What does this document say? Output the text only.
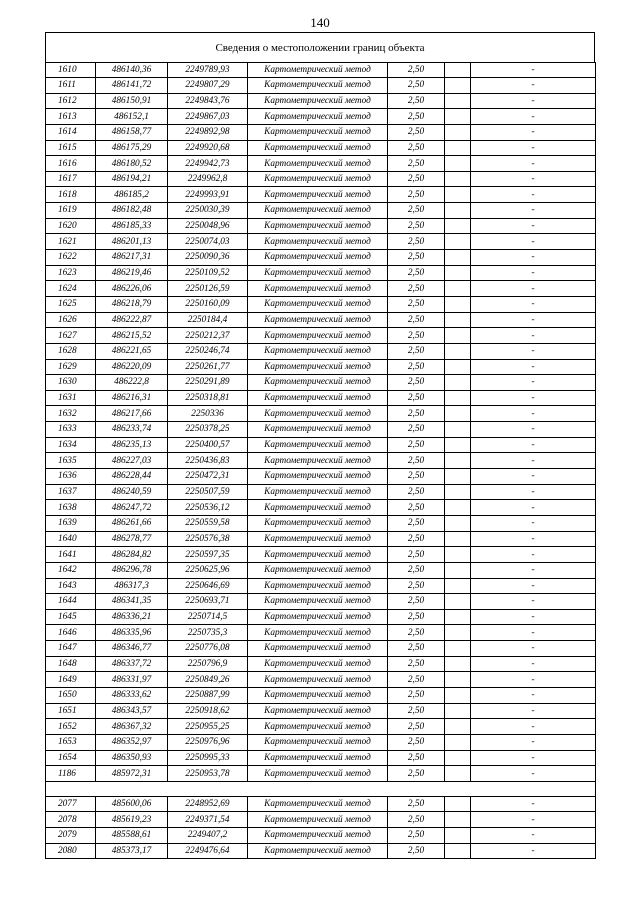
140
Сведения о местоположении границ объекта
1610	486140,36	2249789,93	Картометрический метод	2,50		-
1611	486141,72	2249807,29	Картометрический метод	2,50		-
1612	486150,91	2249843,76	Картометрический метод	2,50		-
1613	486152,1	2249867,03	Картометрический метод	2,50		-
1614	486158,77	2249892,98	Картометрический метод	2,50		-
1615	486175,29	2249920,68	Картометрический метод	2,50		-
1616	486180,52	2249942,73	Картометрический метод	2,50		-
1617	486194,21	2249962,8	Картометрический метод	2,50		-
1618	486185,2	2249993,91	Картометрический метод	2,50		-
1619	486182,48	2250030,39	Картометрический метод	2,50		-
1620	486185,33	2250048,96	Картометрический метод	2,50		-
1621	486201,13	2250074,03	Картометрический метод	2,50		-
1622	486217,31	2250090,36	Картометрический метод	2,50		-
1623	486219,46	2250109,52	Картометрический метод	2,50		-
1624	486226,06	2250126,59	Картометрический метод	2,50		-
1625	486218,79	2250160,09	Картометрический метод	2,50		-
1626	486222,87	2250184,4	Картометрический метод	2,50		-
1627	486215,52	2250212,37	Картометрический метод	2,50		-
1628	486221,65	2250246,74	Картометрический метод	2,50		-
1629	486220,09	2250261,77	Картометрический метод	2,50		-
1630	486222,8	2250291,89	Картометрический метод	2,50		-
1631	486216,31	2250318,81	Картометрический метод	2,50		-
1632	486217,66	2250336	Картометрический метод	2,50		-
1633	486233,74	2250378,25	Картометрический метод	2,50		-
1634	486235,13	2250400,57	Картометрический метод	2,50		-
1635	486227,03	2250436,83	Картометрический метод	2,50		-
1636	486228,44	2250472,31	Картометрический метод	2,50		-
1637	486240,59	2250507,59	Картометрический метод	2,50		-
1638	486247,72	2250536,12	Картометрический метод	2,50		-
1639	486261,66	2250559,58	Картометрический метод	2,50		-
1640	486278,77	2250576,38	Картометрический метод	2,50		-
1641	486284,82	2250597,35	Картометрический метод	2,50		-
1642	486296,78	2250625,96	Картометрический метод	2,50		-
1643	486317,3	2250646,69	Картометрический метод	2,50		-
1644	486341,35	2250693,71	Картометрический метод	2,50		-
1645	486336,21	2250714,5	Картометрический метод	2,50		-
1646	486335,96	2250735,3	Картометрический метод	2,50		-
1647	486346,77	2250776,08	Картометрический метод	2,50		-
1648	486337,72	2250796,9	Картометрический метод	2,50		-
1649	486331,97	2250849,26	Картометрический метод	2,50		-
1650	486333,62	2250887,99	Картометрический метод	2,50		-
1651	486343,57	2250918,62	Картометрический метод	2,50		-
1652	486367,32	2250955,25	Картометрический метод	2,50		-
1653	486352,97	2250976,96	Картометрический метод	2,50		-
1654	486350,93	2250995,33	Картометрический метод	2,50		-
1186	485972,31	2250953,78	Картометрический метод	2,50		-

2077	485600,06	2248952,69	Картометрический метод	2,50		-
2078	485619,23	2249371,54	Картометрический метод	2,50		-
2079	485588,61	2249407,2	Картометрический метод	2,50		-
2080	485373,17	2249476,64	Картометрический метод	2,50		-
